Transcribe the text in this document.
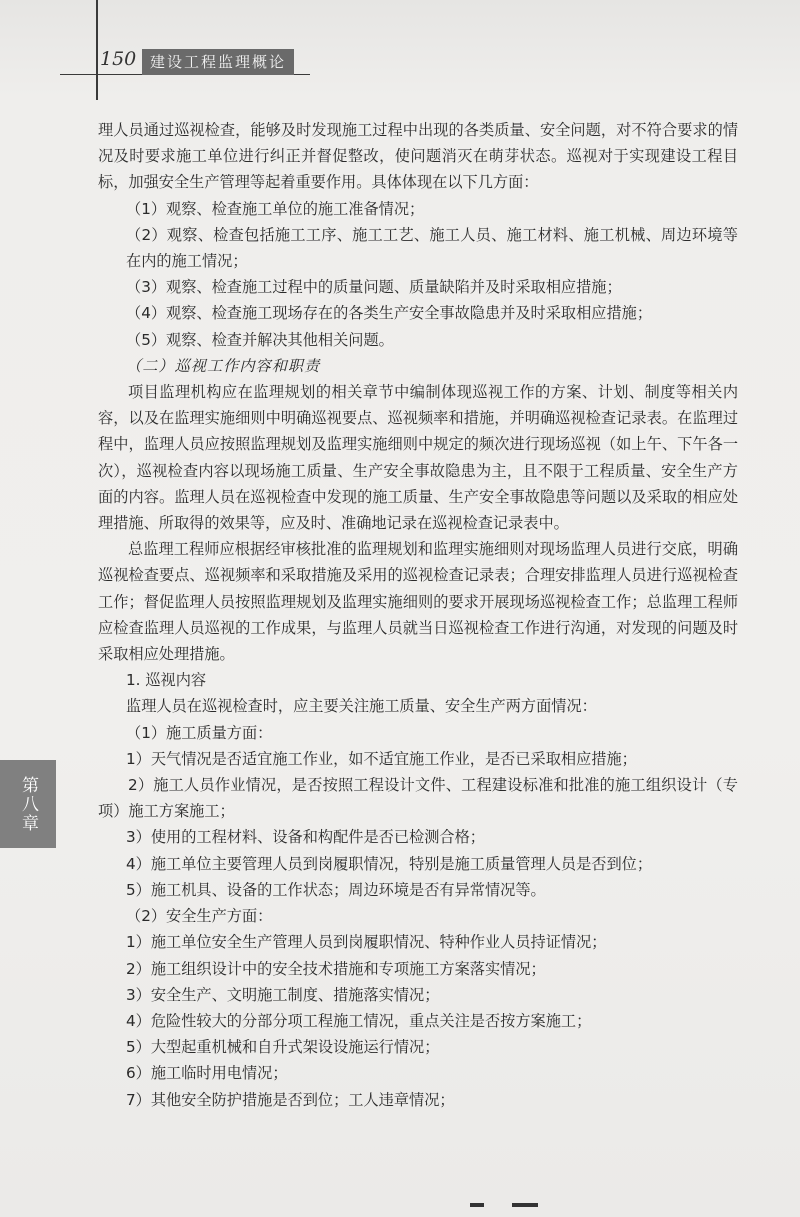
150 建设工程监理概论
第八章

理人员通过巡视检查，能够及时发现施工过程中出现的各类质量、安全问题，对不符合要求的情况及时要求施工单位进行纠正并督促整改，使问题消灭在萌芽状态。巡视对于实现建设工程目标，加强安全生产管理等起着重要作用。具体体现在以下几方面：

（1）观察、检查施工单位的施工准备情况；

（2）观察、检查包括施工工序、施工工艺、施工人员、施工材料、施工机械、周边环境等在内的施工情况；

（3）观察、检查施工过程中的质量问题、质量缺陷并及时采取相应措施；

（4）观察、检查施工现场存在的各类生产安全事故隐患并及时采取相应措施；

（5）观察、检查并解决其他相关问题。

（二）巡视工作内容和职责

项目监理机构应在监理规划的相关章节中编制体现巡视工作的方案、计划、制度等相关内容，以及在监理实施细则中明确巡视要点、巡视频率和措施，并明确巡视检查记录表。在监理过程中，监理人员应按照监理规划及监理实施细则中规定的频次进行现场巡视（如上午、下午各一次），巡视检查内容以现场施工质量、生产安全事故隐患为主，且不限于工程质量、安全生产方面的内容。监理人员在巡视检查中发现的施工质量、生产安全事故隐患等问题以及采取的相应处理措施、所取得的效果等，应及时、准确地记录在巡视检查记录表中。

总监理工程师应根据经审核批准的监理规划和监理实施细则对现场监理人员进行交底，明确巡视检查要点、巡视频率和采取措施及采用的巡视检查记录表；合理安排监理人员进行巡视检查工作；督促监理人员按照监理规划及监理实施细则的要求开展现场巡视检查工作；总监理工程师应检查监理人员巡视的工作成果，与监理人员就当日巡视检查工作进行沟通，对发现的问题及时采取相应处理措施。

1. 巡视内容

监理人员在巡视检查时，应主要关注施工质量、安全生产两方面情况：

（1）施工质量方面：

1）天气情况是否适宜施工作业，如不适宜施工作业，是否已采取相应措施；

2）施工人员作业情况，是否按照工程设计文件、工程建设标准和批准的施工组织设计（专项）施工方案施工；

3）使用的工程材料、设备和构配件是否已检测合格；

4）施工单位主要管理人员到岗履职情况，特别是施工质量管理人员是否到位；

5）施工机具、设备的工作状态；周边环境是否有异常情况等。

（2）安全生产方面：

1）施工单位安全生产管理人员到岗履职情况、特种作业人员持证情况；

2）施工组织设计中的安全技术措施和专项施工方案落实情况；

3）安全生产、文明施工制度、措施落实情况；

4）危险性较大的分部分项工程施工情况，重点关注是否按方案施工；

5）大型起重机械和自升式架设设施运行情况；

6）施工临时用电情况；

7）其他安全防护措施是否到位；工人违章情况；
